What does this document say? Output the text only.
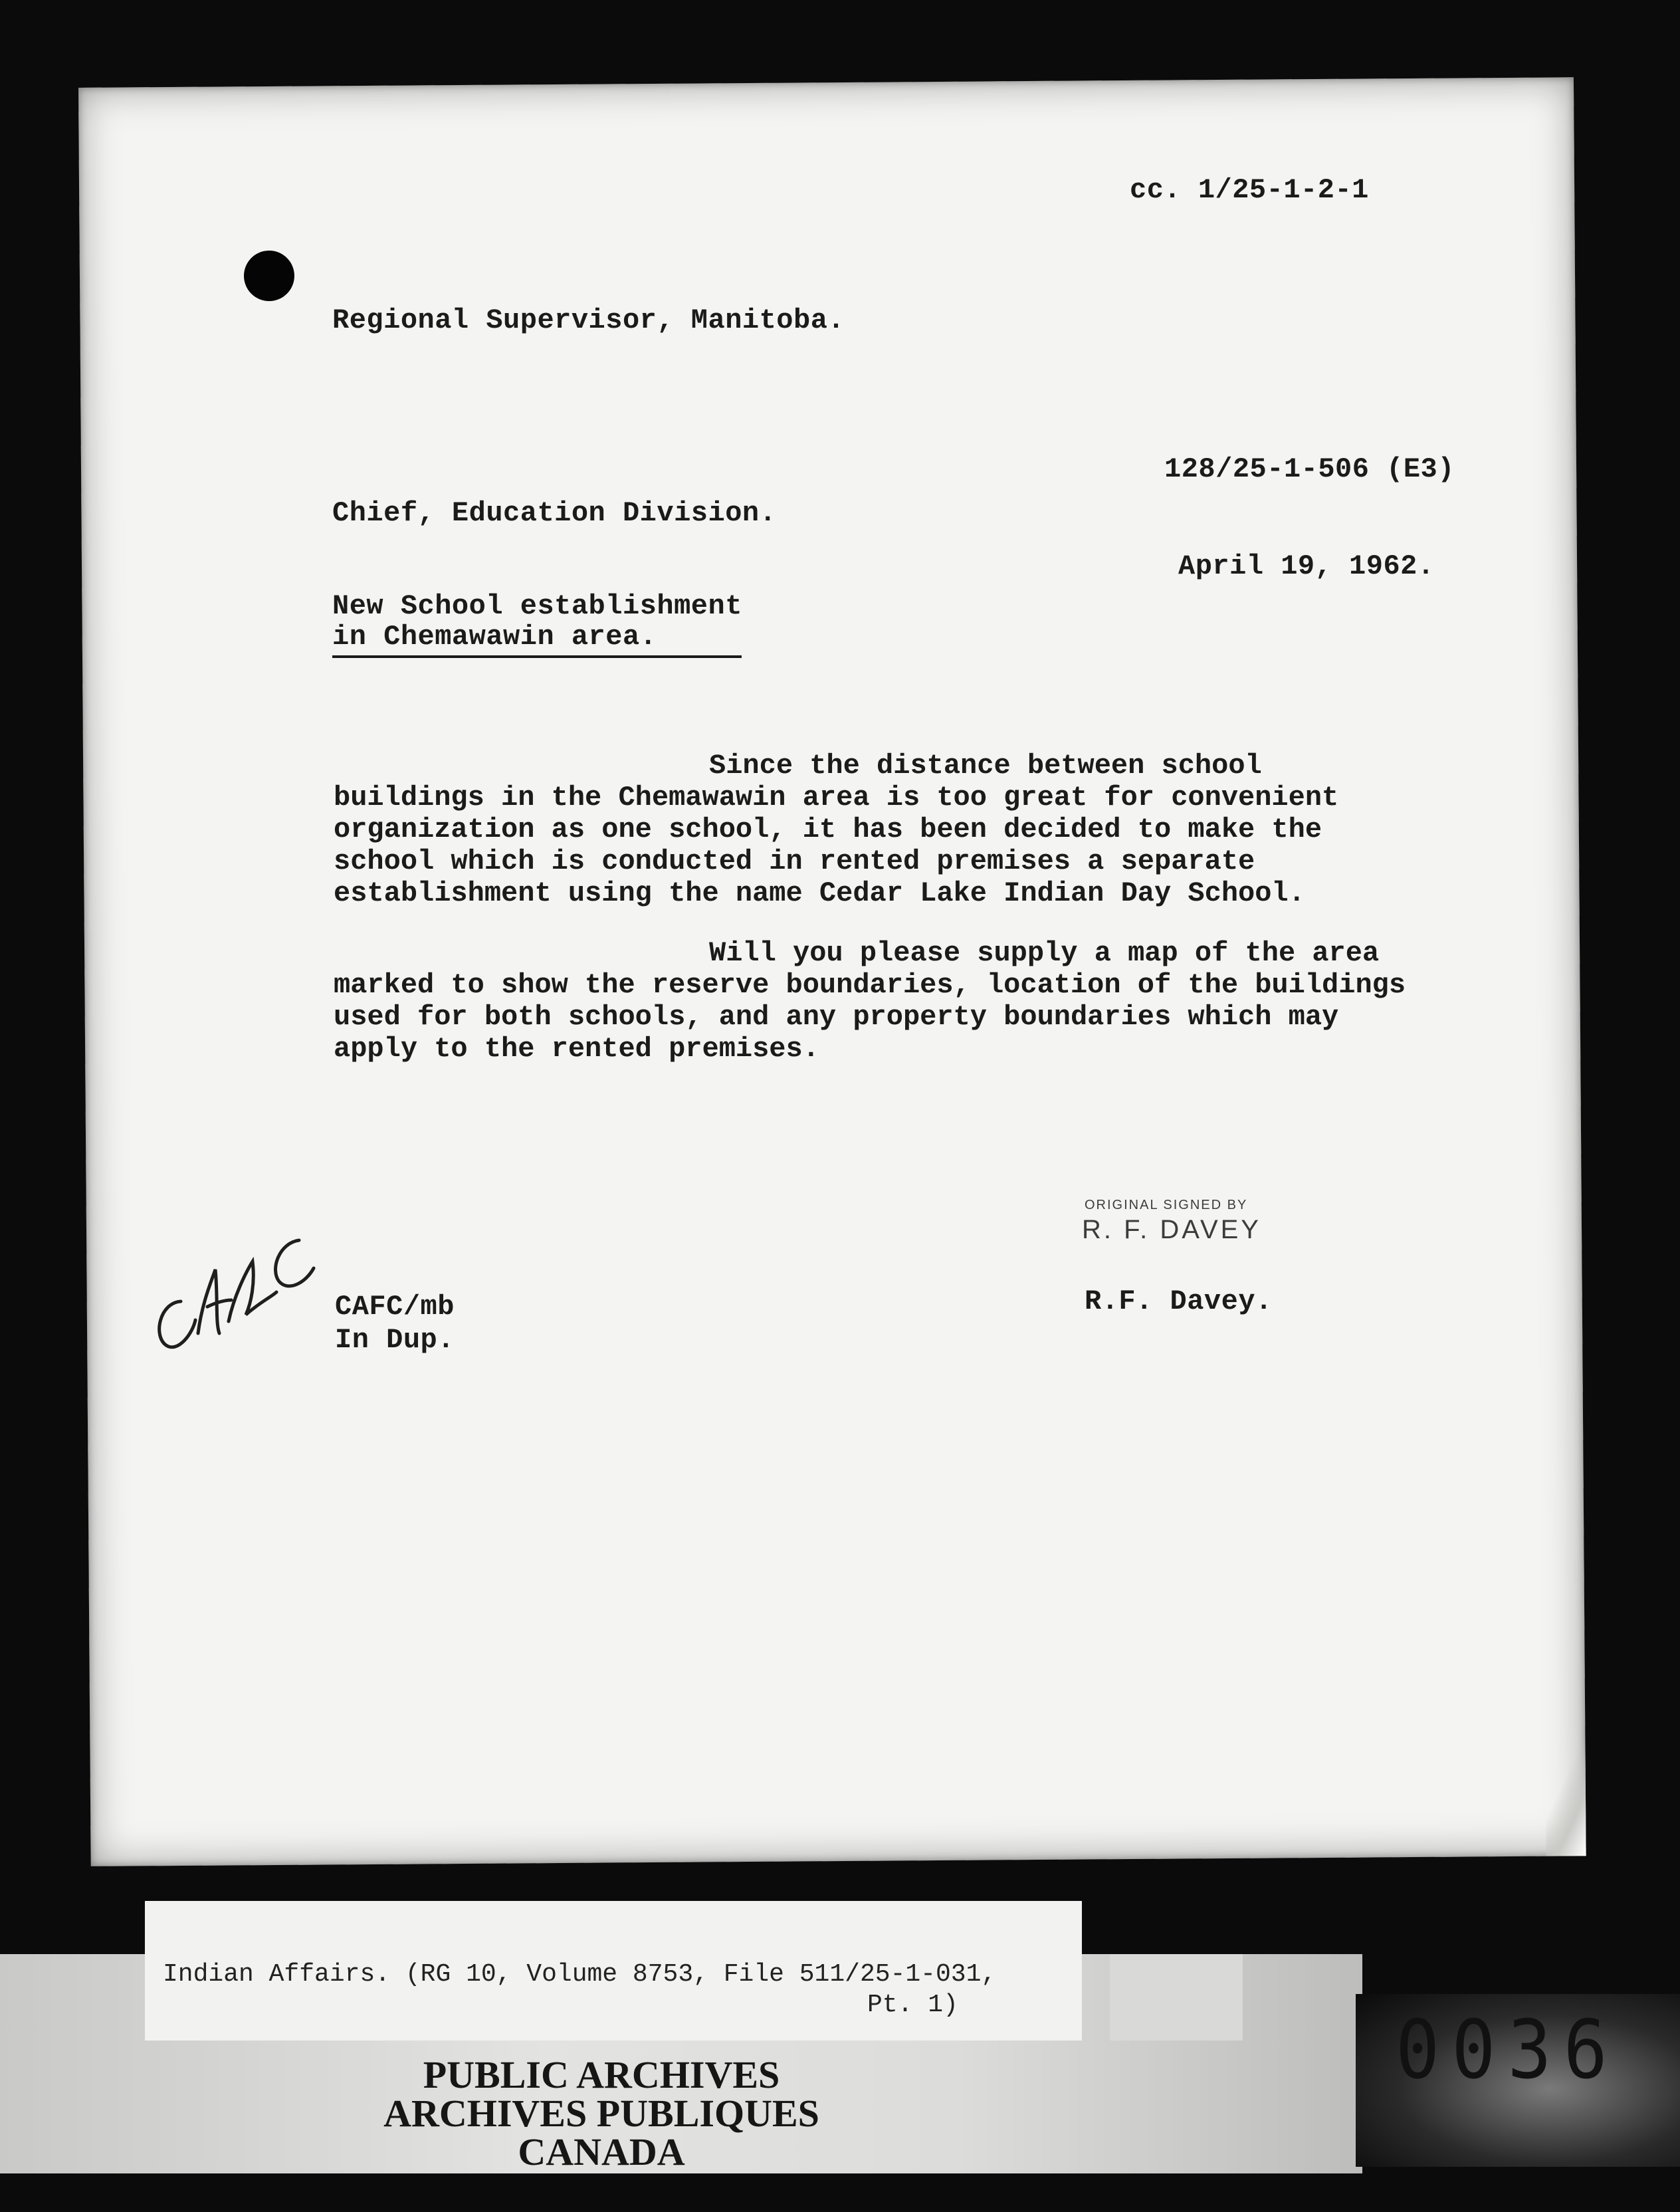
cc. 1/25-1-2-1
Regional Supervisor, Manitoba.
128/25-1-506 (E3)
Chief, Education Division.
April 19, 1962.
New School establishment
in Chemawawin area.
Since the distance between school buildings in the Chemawawin area is too great for convenient organization as one school, it has been decided to make the school which is conducted in rented premises a separate establishment using the name Cedar Lake Indian Day School.
Will you please supply a map of the area marked to show the reserve boundaries, location of the buildings used for both schools, and any property boundaries which may apply to the rented premises.
ORIGINAL SIGNED BY
R. F. DAVEY
CAFC/mb
In Dup.
R.F. Davey.
Indian Affairs. (RG 10, Volume 8753, File 511/25-1-031,
Pt. 1)
PUBLIC ARCHIVES
ARCHIVES PUBLIQUES
CANADA
0036
